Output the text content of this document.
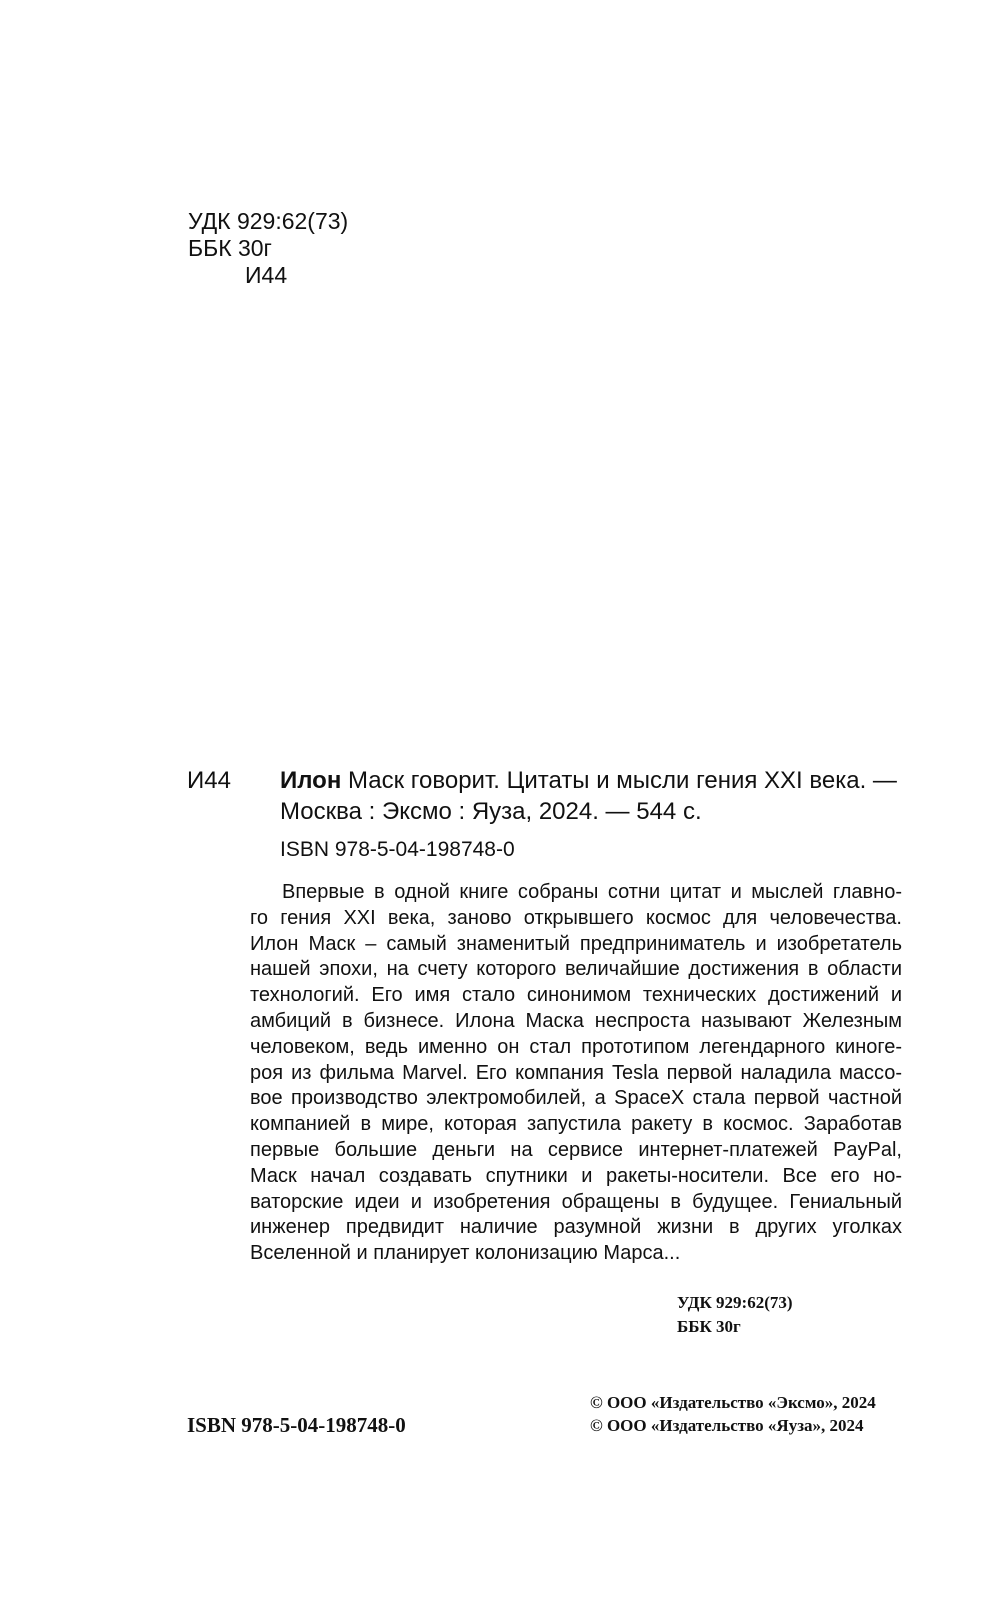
УДК 929:62(73)
ББК 30г
И44
И44 Илон Маск говорит. Цитаты и мысли гения XXI века. —
Москва : Эксмо : Яуза, 2024. — 544 с.
ISBN 978-5-04-198748-0
Впервые в одной книге собраны сотни цитат и мыслей главно-
го гения XXI века, заново открывшего космос для человечества.
Илон Маск – самый знаменитый предприниматель и изобретатель
нашей эпохи, на счету которого величайшие достижения в области
технологий. Его имя стало синонимом технических достижений и
амбиций в бизнесе. Илона Маска неспроста называют Железным
человеком, ведь именно он стал прототипом легендарного киноге-
роя из фильма Marvel. Его компания Tesla первой наладила массо-
вое производство электромобилей, а SpaceX стала первой частной
компанией в мире, которая запустила ракету в космос. Заработав
первые большие деньги на сервисе интернет-платежей PayPal,
Маск начал создавать спутники и ракеты-носители. Все его но-
ваторские идеи и изобретения обращены в будущее. Гениальный
инженер предвидит наличие разумной жизни в других уголках
Вселенной и планирует колонизацию Марса...
УДК 929:62(73)
ББК 30г
ISBN 978-5-04-198748-0
© ООО «Издательство «Эксмо», 2024
© ООО «Издательство «Яуза», 2024
